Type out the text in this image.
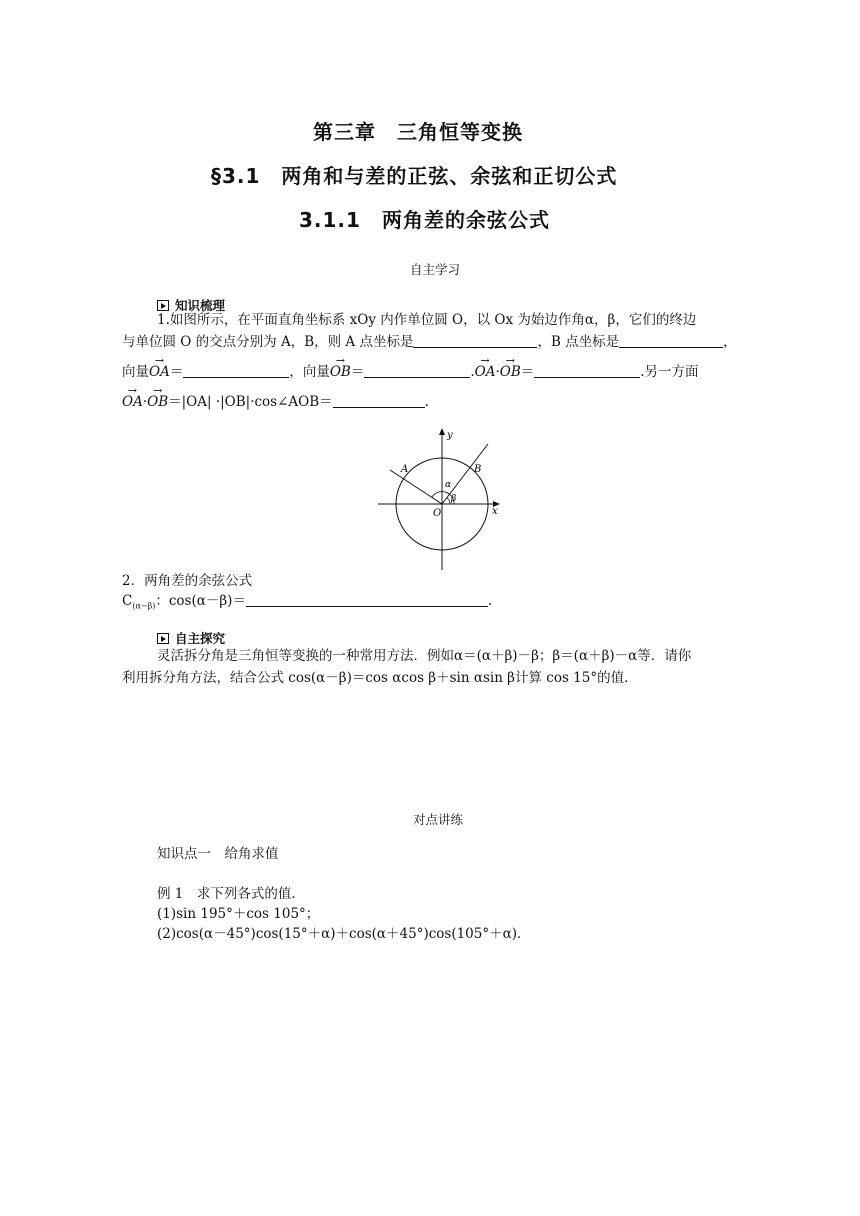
第三章　三角恒等变换
§3.1　两角和与差的正弦、余弦和正切公式
3.1.1　两角差的余弦公式
自主学习
知识梳理
1.如图所示，在平面直角坐标系 xOy 内作单位圆 O，以 Ox 为始边作角α，β，它们的终边
与单位圆 O 的交点分别为 A，B，则 A 点坐标是	，B 点坐标是	，
向量→ OA＝	，向量→ OB＝	.→ OA·→ OB＝	.另一方面
→ OA·→ OB＝|OA| ·|OB|·cos∠AOB＝	.
y
x
O
A	B
α
β
2．两角差的余弦公式
$C_{(\alpha-\beta)}$：cos(α－β)＝	.
自主探究
灵活拆分角是三角恒等变换的一种常用方法．例如α＝(α＋β)－β；β＝(α＋β)－α等．请你
利用拆分角方法，结合公式 cos(α－β)＝cos αcos β＋sin αsin β计算 cos 15°的值．
对点讲练
知识点一　给角求值
例 1　求下列各式的值．
(1)sin 195°＋cos 105°；
(2)cos(α－45°)cos(15°＋α)＋cos(α＋45°)cos(105°＋α)．
